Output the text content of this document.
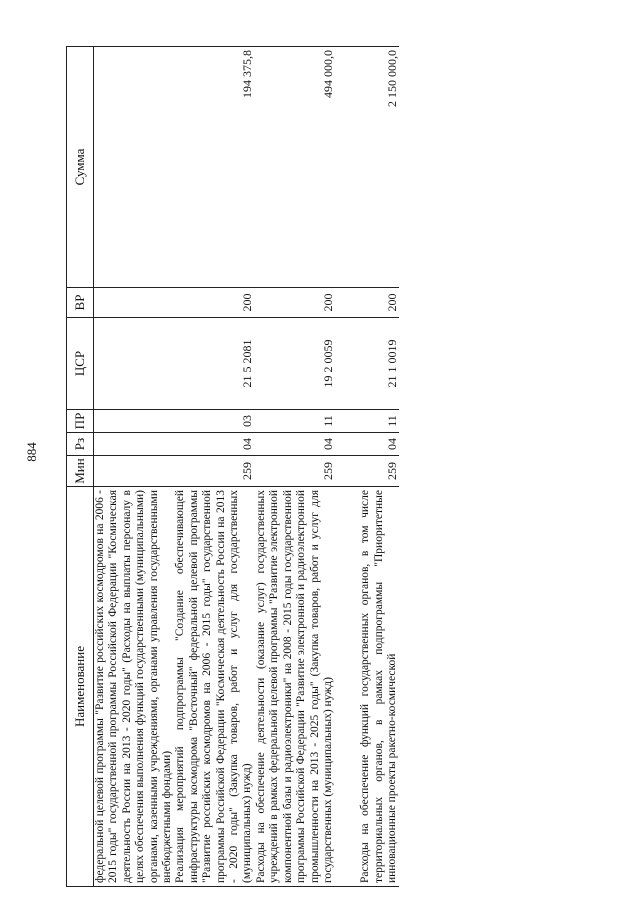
884
Наименование	Мин	Рз	ПР	ЦСР	ВР	Сумма
федеральной целевой программы "Развитие российских космодромов на 2006 - 2015 годы" государственной программы Российской Федерации "Космическая деятельность России на 2013 - 2020 годы" (Расходы на выплаты персоналу в целях обеспечения выполнения функций государственными (муниципальными) органами, казенными учреждениями, органами управления государственными внебюджетными фондами)						
Реализация мероприятий подпрограммы "Создание обеспечивающей инфраструктуры космодрома "Восточный" федеральной целевой программы "Развитие российских космодромов на 2006 - 2015 годы" государственной программы Российской Федерации "Космическая деятельность России на 2013 - 2020 годы" (Закупка товаров, работ и услуг для государственных (муниципальных) нужд)	259	04	03	21 5 2081	200	194 375,8
Расходы на обеспечение деятельности (оказание услуг) государственных учреждений в рамках федеральной целевой программы "Развитие электронной компонентной базы и радиоэлектроники" на 2008 - 2015 годы государственной программы Российской Федерации "Развитие электронной и радиоэлектронной промышленности на 2013 - 2025 годы" (Закупка товаров, работ и услуг для государственных (муниципальных) нужд)	259	04	11	19 2 0059	200	494 000,0
Расходы на обеспечение функций государственных органов, в том числе территориальных органов, в рамках подпрограммы "Приоритетные инновационные проекты ракетно-космической	259	04	11	21 1 0019	200	2 150 000,0
